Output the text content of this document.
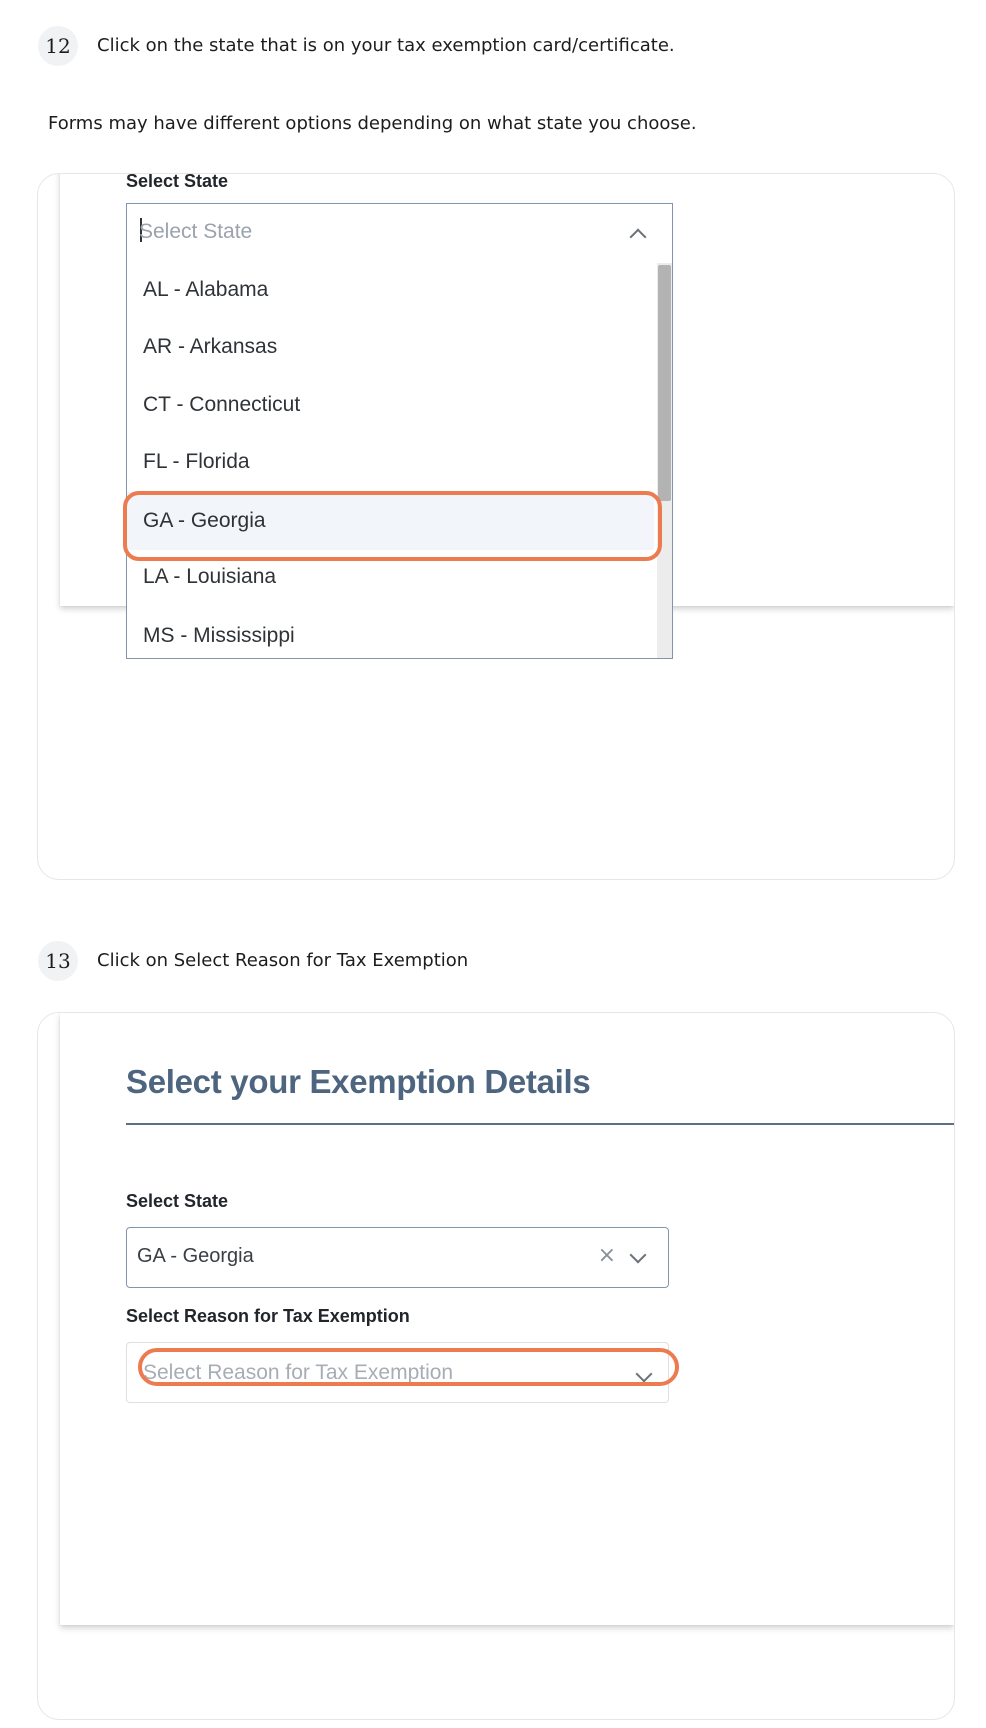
12	Click on the state that is on your tax exemption card/certificate.
Forms may have different options depending on what state you choose.
Select State
Select State
AL - Alabama
AR - Arkansas
CT - Connecticut
FL - Florida
GA - Georgia
LA - Louisiana
MS - Mississippi
13	Click on Select Reason for Tax Exemption
Select your Exemption Details
Select State
GA - Georgia	×
Select Reason for Tax Exemption
Select Reason for Tax Exemption
